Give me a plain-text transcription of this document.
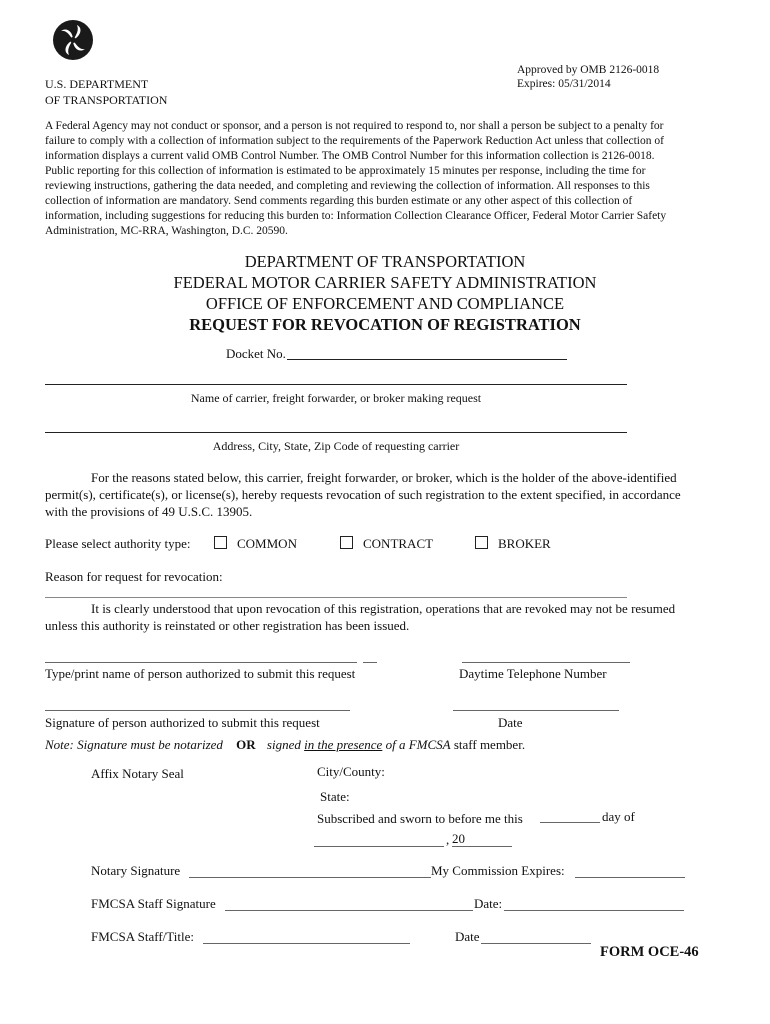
U.S. DEPARTMENT
OF TRANSPORTATION
Approved by OMB 2126-0018
Expires: 05/31/2014
A Federal Agency may not conduct or sponsor, and a person is not required to respond to, nor shall a person be subject to a penalty for
failure to comply with a collection of information subject to the requirements of the Paperwork Reduction Act unless that collection of
information displays a current valid OMB Control Number. The OMB Control Number for this information collection is 2126-0018.
Public reporting for this collection of information is estimated to be approximately 15 minutes per response, including the time for
reviewing instructions, gathering the data needed, and completing and reviewing the collection of information. All responses to this
collection of information are mandatory. Send comments regarding this burden estimate or any other aspect of this collection of
information, including suggestions for reducing this burden to: Information Collection Clearance Officer, Federal Motor Carrier Safety
Administration, MC-RRA, Washington, D.C. 20590.
DEPARTMENT OF TRANSPORTATION
FEDERAL MOTOR CARRIER SAFETY ADMINISTRATION
OFFICE OF ENFORCEMENT AND COMPLIANCE
REQUEST FOR REVOCATION OF REGISTRATION
Docket No.
Name of carrier, freight forwarder, or broker making request
Address, City, State, Zip Code of requesting carrier
For the reasons stated below, this carrier, freight forwarder, or broker, which is the holder of the above-identified
permit(s), certificate(s), or license(s), hereby requests revocation of such registration to the extent specified, in accordance
with the provisions of 49 U.S.C. 13905.
Please select authority type:	COMMON	CONTRACT	BROKER
Reason for request for revocation:
It is clearly understood that upon revocation of this registration, operations that are revoked may not be resumed
unless this authority is reinstated or other registration has been issued.
Type/print name of person authorized to submit this request	Daytime Telephone Number
Signature of person authorized to submit this request	Date
Note: Signature must be notarized OR signed in the presence of a FMCSA staff member.
Affix Notary Seal	City/County:
State:
Subscribed and sworn to before me this	day of
, 20
Notary Signature	My Commission Expires:
FMCSA Staff Signature	Date:
FMCSA Staff/Title:	Date
FORM OCE-46
